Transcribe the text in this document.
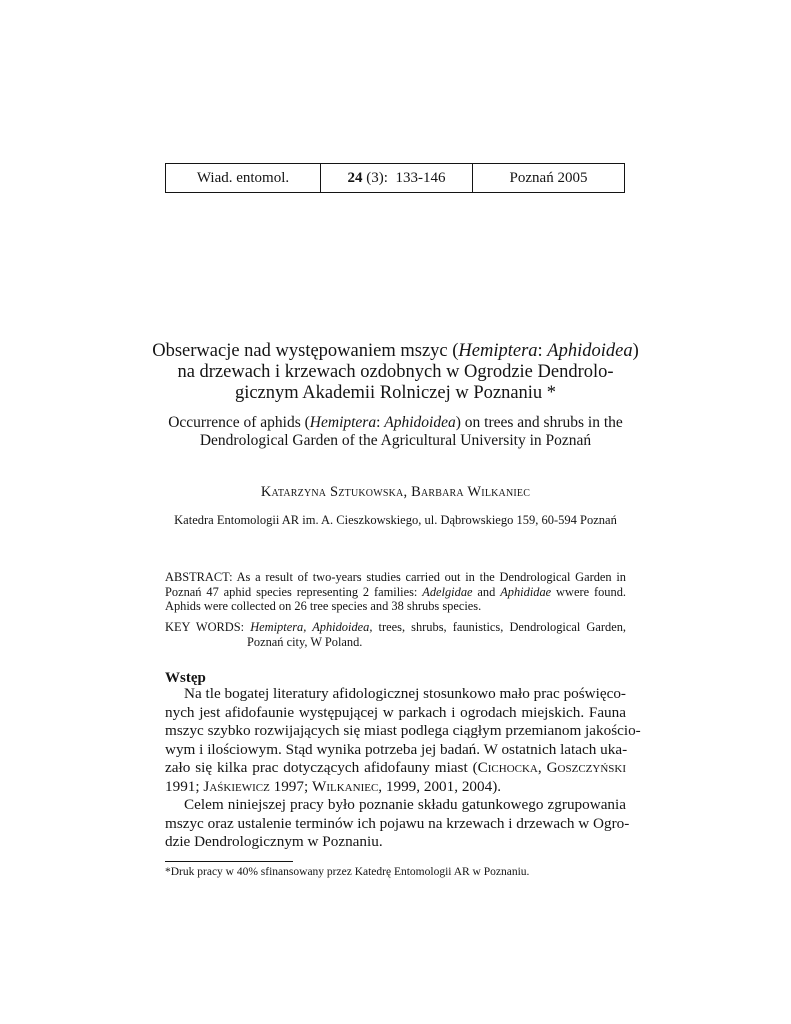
Wiad. entomol.	24 (3):  133-146	Poznań 2005
Obserwacje nad występowaniem mszyc (Hemiptera: Aphidoidea)
na drzewach i krzewach ozdobnych w Ogrodzie Dendrolo-
gicznym Akademii Rolniczej w Poznaniu *
Occurrence of aphids (Hemiptera: Aphidoidea) on trees and shrubs in the
Dendrological Garden of the Agricultural University in Poznań
Katarzyna Sztukowska, Barbara Wilkaniec
Katedra Entomologii AR im. A. Cieszkowskiego, ul. Dąbrowskiego 159, 60-594 Poznań
ABSTRACT: As a result of two-years studies carried out in the Dendrological Garden in
Poznań 47 aphid species representing 2 families: Adelgidae and Aphididae wwere found.
Aphids were collected on 26 tree species and 38 shrubs species.
KEY WORDS: Hemiptera, Aphidoidea, trees, shrubs, faunistics, Dendrological Garden,
Poznań city, W Poland.
Wstęp
Na tle bogatej literatury afidologicznej stosunkowo mało prac poświęco-
nych jest afidofaunie występującej w parkach i ogrodach miejskich. Fauna
mszyc szybko rozwijających się miast podlega ciągłym przemianom jakościo-
wym i ilościowym. Stąd wynika potrzeba jej badań. W ostatnich latach uka-
zało się kilka prac dotyczących afidofauny miast (Cichocka, Goszczyński
1991; Jaśkiewicz 1997; Wilkaniec, 1999, 2001, 2004).
Celem niniejszej pracy było poznanie składu gatunkowego zgrupowania
mszyc oraz ustalenie terminów ich pojawu na krzewach i drzewach w Ogro-
dzie Dendrologicznym w Poznaniu.
*Druk pracy w 40% sfinansowany przez Katedrę Entomologii AR w Poznaniu.
